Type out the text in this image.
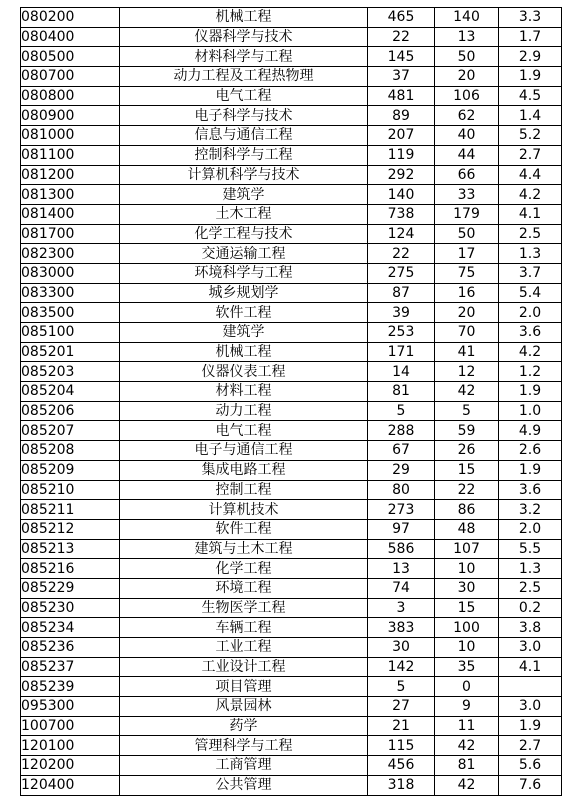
080200	机械工程	465	140	3.3
080400	仪器科学与技术	22	13	1.7
080500	材料科学与工程	145	50	2.9
080700	动力工程及工程热物理	37	20	1.9
080800	电气工程	481	106	4.5
080900	电子科学与技术	89	62	1.4
081000	信息与通信工程	207	40	5.2
081100	控制科学与工程	119	44	2.7
081200	计算机科学与技术	292	66	4.4
081300	建筑学	140	33	4.2
081400	土木工程	738	179	4.1
081700	化学工程与技术	124	50	2.5
082300	交通运输工程	22	17	1.3
083000	环境科学与工程	275	75	3.7
083300	城乡规划学	87	16	5.4
083500	软件工程	39	20	2.0
085100	建筑学	253	70	3.6
085201	机械工程	171	41	4.2
085203	仪器仪表工程	14	12	1.2
085204	材料工程	81	42	1.9
085206	动力工程	5	5	1.0
085207	电气工程	288	59	4.9
085208	电子与通信工程	67	26	2.6
085209	集成电路工程	29	15	1.9
085210	控制工程	80	22	3.6
085211	计算机技术	273	86	3.2
085212	软件工程	97	48	2.0
085213	建筑与土木工程	586	107	5.5
085216	化学工程	13	10	1.3
085229	环境工程	74	30	2.5
085230	生物医学工程	3	15	0.2
085234	车辆工程	383	100	3.8
085236	工业工程	30	10	3.0
085237	工业设计工程	142	35	4.1
085239	项目管理	5	0	
095300	风景园林	27	9	3.0
100700	药学	21	11	1.9
120100	管理科学与工程	115	42	2.7
120200	工商管理	456	81	5.6
120400	公共管理	318	42	7.6
